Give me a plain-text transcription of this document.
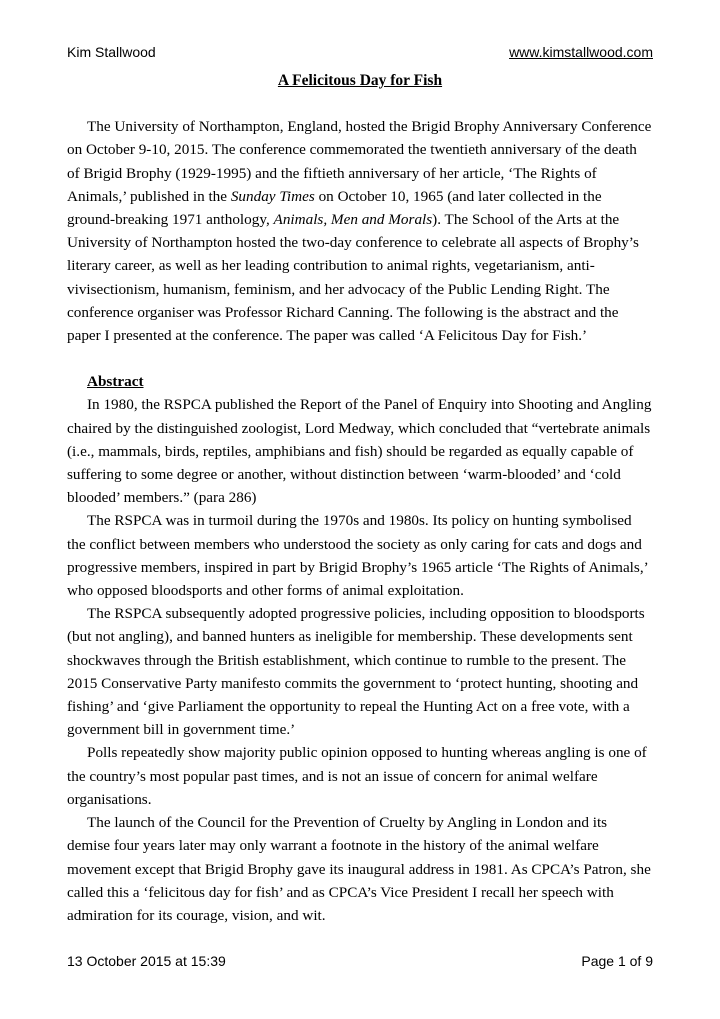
Kim Stallwood	www.kimstallwood.com
A Felicitous Day for Fish

The University of Northampton, England, hosted the Brigid Brophy Anniversary Conference on October 9-10, 2015. The conference commemorated the twentieth anniversary of the death of Brigid Brophy (1929-1995) and the fiftieth anniversary of her article, ‘The Rights of Animals,’ published in the Sunday Times on October 10, 1965 (and later collected in the ground-breaking 1971 anthology, Animals, Men and Morals). The School of the Arts at the University of Northampton hosted the two-day conference to celebrate all aspects of Brophy’s literary career, as well as her leading contribution to animal rights, vegetarianism, anti-vivisectionism, humanism, feminism, and her advocacy of the Public Lending Right. The conference organiser was Professor Richard Canning. The following is the abstract and the paper I presented at the conference. The paper was called ‘A Felicitous Day for Fish.’

Abstract

In 1980, the RSPCA published the Report of the Panel of Enquiry into Shooting and Angling chaired by the distinguished zoologist, Lord Medway, which concluded that “vertebrate animals (i.e., mammals, birds, reptiles, amphibians and fish) should be regarded as equally capable of suffering to some degree or another, without distinction between ‘warm-blooded’ and ‘cold blooded’ members.” (para 286)

The RSPCA was in turmoil during the 1970s and 1980s. Its policy on hunting symbolised the conflict between members who understood the society as only caring for cats and dogs and progressive members, inspired in part by Brigid Brophy’s 1965 article ‘The Rights of Animals,’ who opposed bloodsports and other forms of animal exploitation.

The RSPCA subsequently adopted progressive policies, including opposition to bloodsports (but not angling), and banned hunters as ineligible for membership. These developments sent shockwaves through the British establishment, which continue to rumble to the present. The 2015 Conservative Party manifesto commits the government to ‘protect hunting, shooting and fishing’ and ‘give Parliament the opportunity to repeal the Hunting Act on a free vote, with a government bill in government time.’

Polls repeatedly show majority public opinion opposed to hunting whereas angling is one of the country’s most popular past times, and is not an issue of concern for animal welfare organisations.

The launch of the Council for the Prevention of Cruelty by Angling in London and its demise four years later may only warrant a footnote in the history of the animal welfare movement except that Brigid Brophy gave its inaugural address in 1981. As CPCA’s Patron, she called this a ‘felicitous day for fish’ and as CPCA’s Vice President I recall her speech with admiration for its courage, vision, and wit.

13 October 2015 at 15:39	Page 1 of 9
